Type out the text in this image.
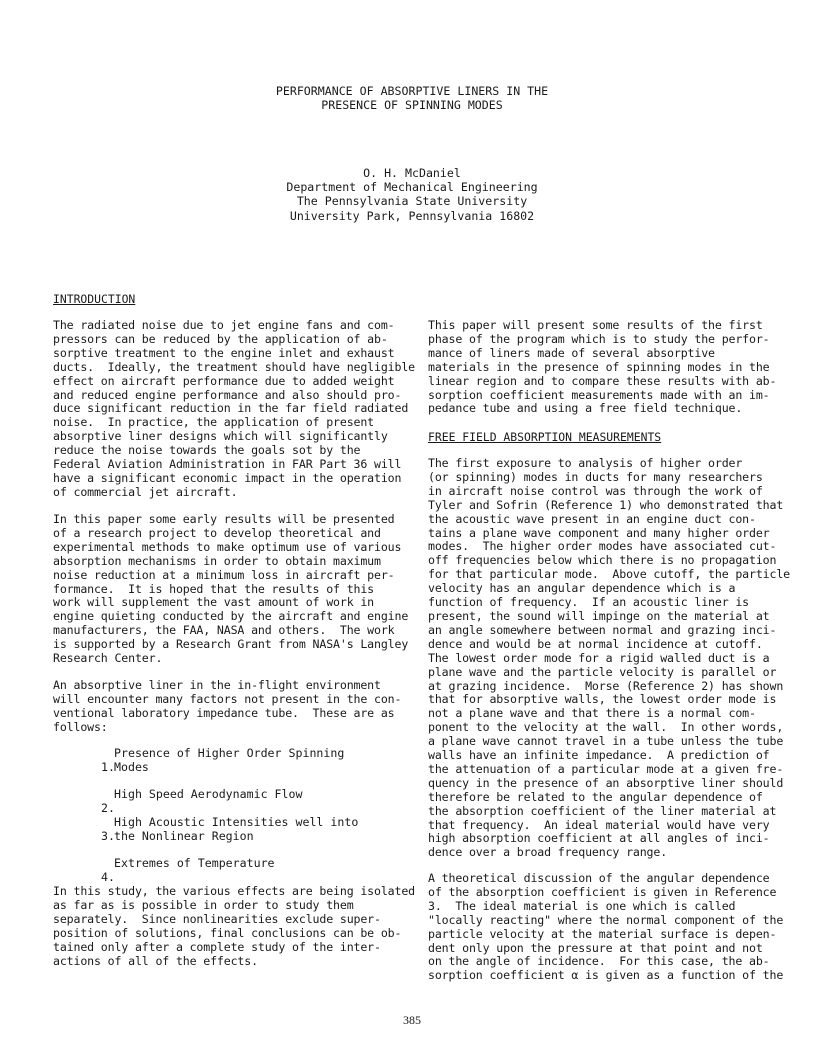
PERFORMANCE OF ABSORPTIVE LINERS IN THE
PRESENCE OF SPINNING MODES
O. H. McDaniel
Department of Mechanical Engineering
The Pennsylvania State University
University Park, Pennsylvania 16802
INTRODUCTION

The radiated noise due to jet engine fans and com-
pressors can be reduced by the application of ab-
sorptive treatment to the engine inlet and exhaust
ducts.  Ideally, the treatment should have negligible
effect on aircraft performance due to added weight
and reduced engine performance and also should pro-
duce significant reduction in the far field radiated
noise.  In practice, the application of present
absorptive liner designs which will significantly
reduce the noise towards the goals sot by the
Federal Aviation Administration in FAR Part 36 will
have a significant economic impact in the operation
of commercial jet aircraft.

In this paper some early results will be presented
of a research project to develop theoretical and
experimental methods to make optimum use of various
absorption mechanisms in order to obtain maximum
noise reduction at a minimum loss in aircraft per-
formance.  It is hoped that the results of this
work will supplement the vast amount of work in
engine quieting conducted by the aircraft and engine
manufacturers, the FAA, NASA and others.  The work
is supported by a Research Grant from NASA's Langley
Research Center.

An absorptive liner in the in-flight environment
will encounter many factors not present in the con-
ventional laboratory impedance tube.  These are as
follows:

1.

Presence of Higher Order Spinning
Modes

2.

High Speed Aerodynamic Flow

3.

High Acoustic Intensities well into
the Nonlinear Region

4.

Extremes of Temperature

In this study, the various effects are being isolated
as far as is possible in order to study them
separately.  Since nonlinearities exclude super-
position of solutions, final conclusions can be ob-
tained only after a complete study of the inter-
actions of all of the effects.

This paper will present some results of the first
phase of the program which is to study the perfor-
mance of liners made of several absorptive
materials in the presence of spinning modes in the
linear region and to compare these results with ab-
sorption coefficient measurements made with an im-
pedance tube and using a free field technique.

FREE FIELD ABSORPTION MEASUREMENTS

The first exposure to analysis of higher order
(or spinning) modes in ducts for many researchers
in aircraft noise control was through the work of
Tyler and Sofrin (Reference 1) who demonstrated that
the acoustic wave present in an engine duct con-
tains a plane wave component and many higher order
modes.  The higher order modes have associated cut-
off frequencies below which there is no propagation
for that particular mode.  Above cutoff, the particle
velocity has an angular dependence which is a
function of frequency.  If an acoustic liner is
present, the sound will impinge on the material at
an angle somewhere between normal and grazing inci-
dence and would be at normal incidence at cutoff.
The lowest order mode for a rigid walled duct is a
plane wave and the particle velocity is parallel or
at grazing incidence.  Morse (Reference 2) has shown
that for absorptive walls, the lowest order mode is
not a plane wave and that there is a normal com-
ponent to the velocity at the wall.  In other words,
a plane wave cannot travel in a tube unless the tube
walls have an infinite impedance.  A prediction of
the attenuation of a particular mode at a given fre-
quency in the presence of an absorptive liner should
therefore be related to the angular dependence of
the absorption coefficient of the liner material at
that frequency.  An ideal material would have very
high absorption coefficient at all angles of inci-
dence over a broad frequency range.

A theoretical discussion of the angular dependence
of the absorption coefficient is given in Reference
3.  The ideal material is one which is called
"locally reacting" where the normal component of the
particle velocity at the material surface is depen-
dent only upon the pressure at that point and not
on the angle of incidence.  For this case, the ab-
sorption coefficient α is given as a function of the

385
